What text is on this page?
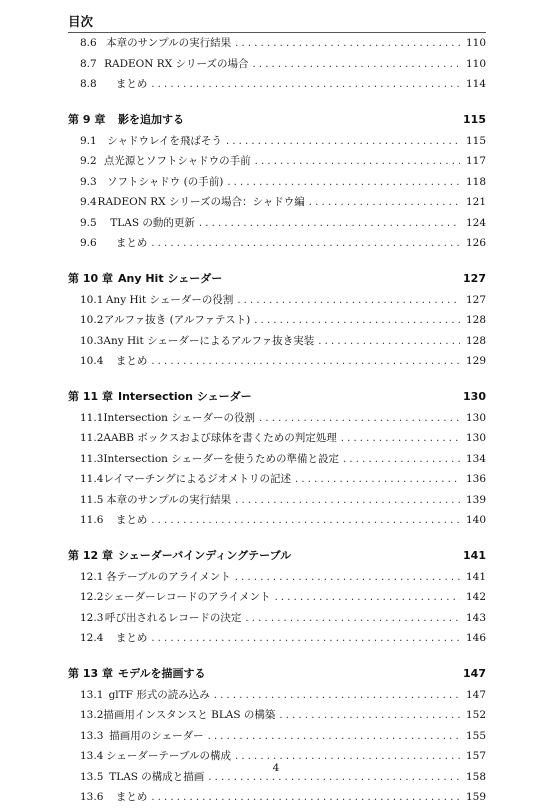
目次
8.6 本章のサンプルの実行結果 . . .	110
8.7 RADEON RX シリーズの場合 . . .	110
8.8	まとめ . . .	114
第 9 章	影を追加する	115
9.1 シャドウレイを飛ばそう . . .	115
9.2 点光源とソフトシャドウの手前 . . .	117
9.3 ソフトシャドウ (の手前) . . .	118
9.4 RADEON RX シリーズの場合：シャドウ編 . . .	121
9.5	TLAS の動的更新 . . .	124
9.6	まとめ . . .	126
第 10 章 Any Hit シェーダー	127
10.1 Any Hit シェーダーの役割 . . .	127
10.2 アルファ抜き (アルファテスト) . . .	128
10.3 Any Hit シェーダーによるアルファ抜き実装 . . .	128
10.4	まとめ . . .	129
第 11 章 Intersection シェーダー	130
11.1 Intersection シェーダーの役割 . . .	130
11.2 AABB ボックスおよび球体を書くための判定処理 . . .	130
11.3 Intersection シェーダーを使うための準備と設定 . . .	134
11.4 レイマーチングによるジオメトリの記述 . . .	136
11.5 本章のサンプルの実行結果 . . .	139
11.6	まとめ . . .	140
第 12 章 シェーダーバインディングテーブル	141
12.1 各テーブルのアライメント . . .	141
12.2 シェーダーレコードのアライメント . . .	142
12.3 呼び出されるレコードの決定 . . .	143
12.4	まとめ . . .	146
第 13 章 モデルを描画する	147
13.1 glTF 形式の読み込み . . .	147
13.2 描画用インスタンスと BLAS の構築 . . .	152
13.3 描画用のシェーダー . . .	155
13.4 シェーダーテーブルの構成 . . .	157
13.5 TLAS の構成と描画 . . .	158
13.6	まとめ . . .	159
4
